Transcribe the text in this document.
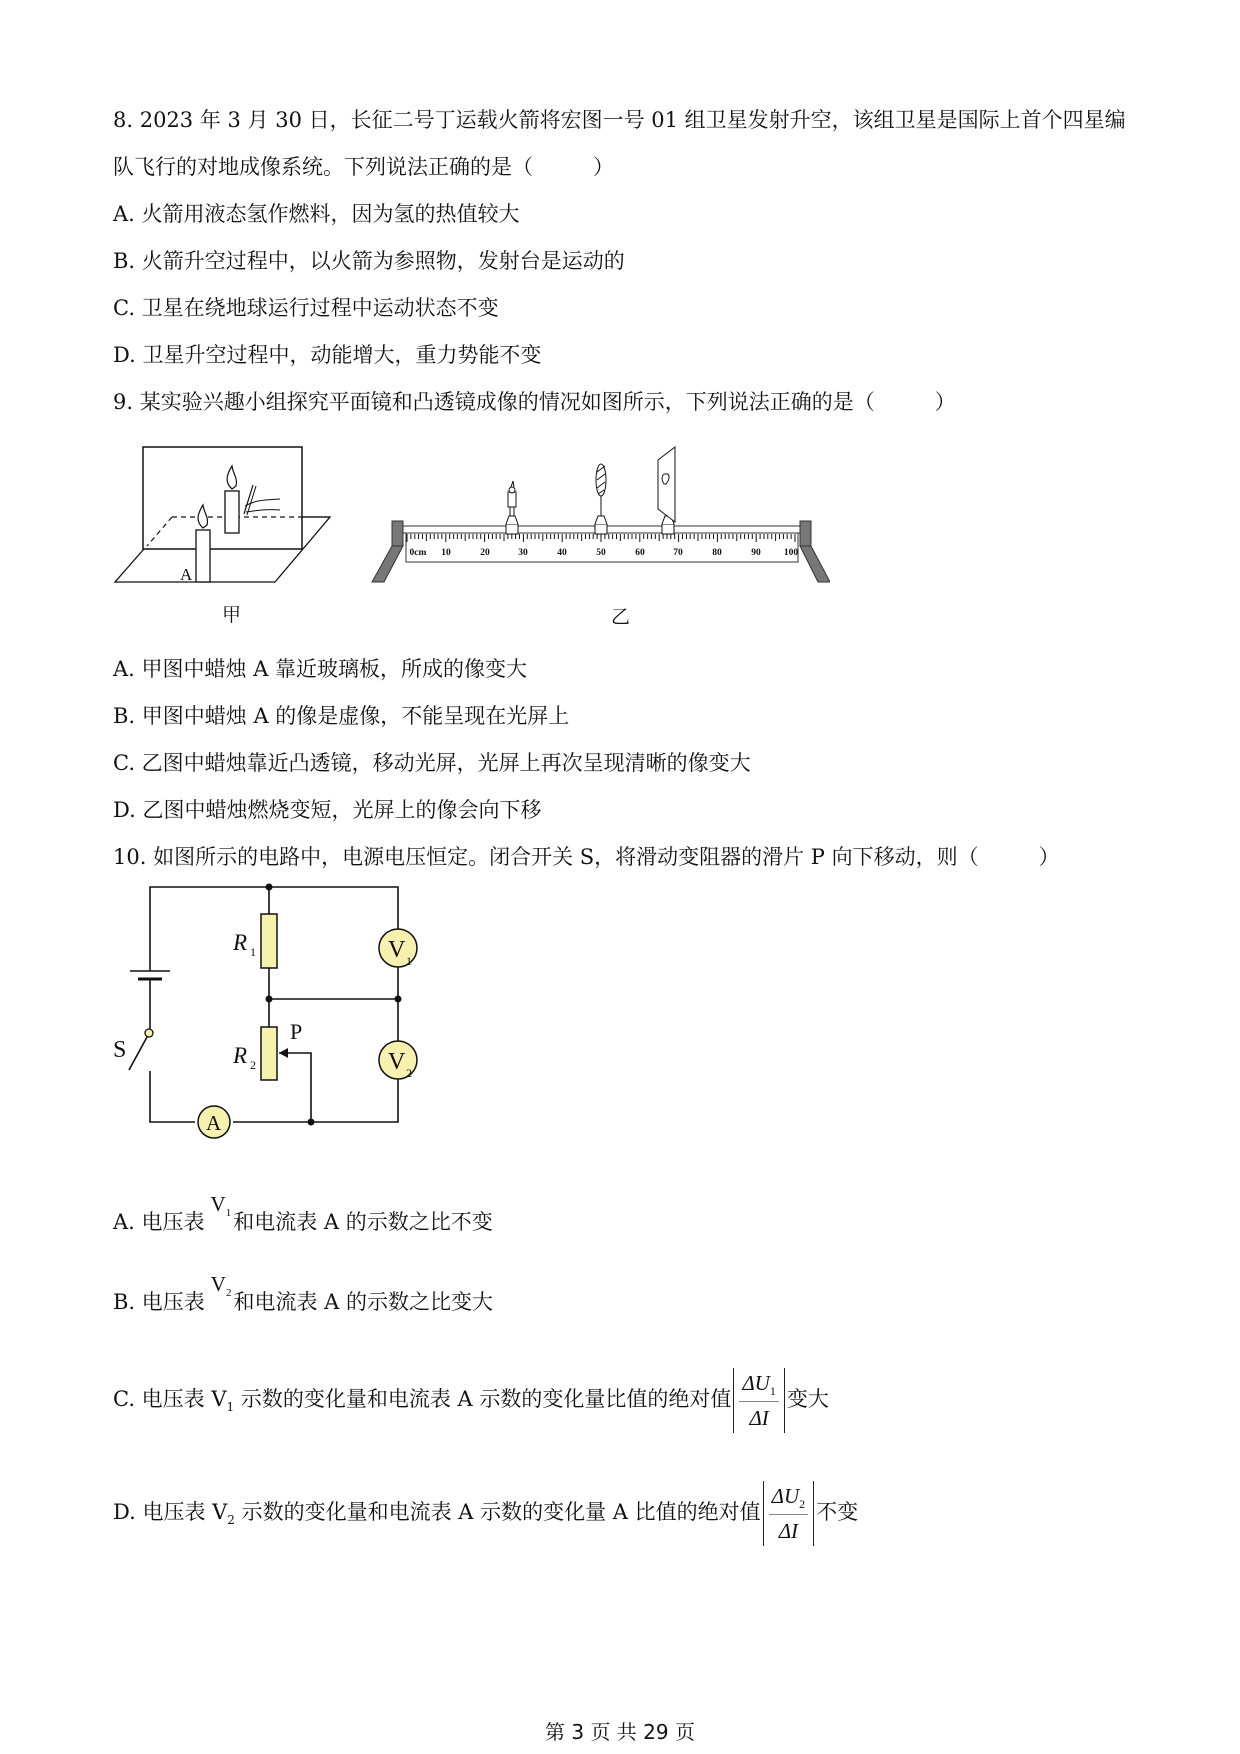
8. 2023 年 3 月 30 日，长征二号丁运载火箭将宏图一号 01 组卫星发射升空，该组卫星是国际上首个四星编
队飞行的对地成像系统。下列说法正确的是（	）
A. 火箭用液态氢作燃料，因为氢的热值较大
B. 火箭升空过程中，以火箭为参照物，发射台是运动的
C. 卫星在绕地球运行过程中运动状态不变
D. 卫星升空过程中，动能增大，重力势能不变
9. 某实验兴趣小组探究平面镜和凸透镜成像的情况如图所示，下列说法正确的是（	）
A
甲
0cm 10	20	30	40	50	60	70	80	90 100
乙
A. 甲图中蜡烛 A 靠近玻璃板，所成的像变大
B. 甲图中蜡烛 A 的像是虚像，不能呈现在光屏上
C. 乙图中蜡烛靠近凸透镜，移动光屏，光屏上再次呈现清晰的像变大
D. 乙图中蜡烛燃烧变短，光屏上的像会向下移
10. 如图所示的电路中，电源电压恒定。闭合开关 S，将滑动变阻器的滑片 P 向下移动，则（	）
V 1
V 2
A
R 1
R 2
P
S
A. 电压表$V_1$和电流表 A 的示数之比不变
B. 电压表$V_2$和电流表 A 的示数之比变大
C. 电压表 $V_1$ 示数的变化量和电流表 A 示数的变化量比值的绝对值 $\frac{\Delta U_1}{\Delta I}$ 变大
D. 电压表 $V_2$ 示数的变化量和电流表 A 示数的变化量 A 比值的绝对值 $\frac{\Delta U_2}{\Delta I}$ 不变
第 3 页 共 29 页
